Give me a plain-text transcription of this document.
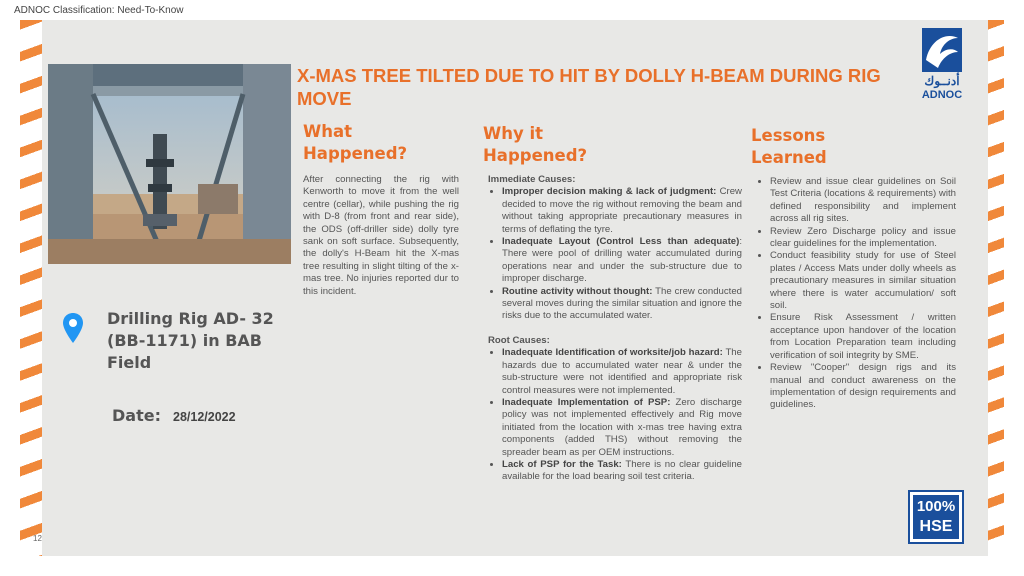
ADNOC Classification: Need-To-Know
X-MAS TREE TILTED DUE TO HIT BY DOLLY H-BEAM DURING RIG MOVE
أدنــوك
ADNOC
What
Happened?
After connecting the rig with Kenworth to move it from the well centre (cellar), while pushing the rig with D-8 (from front and rear side), the ODS (off-driller side) dolly tyre sank on soft surface. Subsequently, the dolly's H-Beam hit the X-mas tree resulting in slight tilting of the x-mas tree. No injuries reported dur to this incident.
Why it
Happened?
Immediate Causes:
• Improper decision making & lack of judgment: Crew decided to move the rig without removing the beam and without taking appropriate precautionary measures in terms of deflating the tyre.
• Inadequate Layout (Control Less than adequate): There were pool of drilling water accumulated during operations near and under the sub-structure due to improper discharge.
• Routine activity without thought: The crew conducted several moves during the similar situation and ignore the risks due to the accumulated water.
Root Causes:
• Inadequate Identification of worksite/job hazard: The hazards due to accumulated water near & under the sub-structure were not identified and appropriate risk control measures were not implemented.
• Inadequate Implementation of PSP: Zero discharge policy was not implemented effectively and Rig move initiated from the location with x-mas tree having extra components (added THS) without removing the spreader beam as per OEM instructions.
• Lack of PSP for the Task: There is no clear guideline available for the load bearing soil test criteria.
Lessons
Learned
• Review and issue clear guidelines on Soil Test Criteria (locations & requirements) with defined responsibility and implement across all rig sites.
• Review Zero Discharge policy and issue clear guidelines for the implementation.
• Conduct feasibility study for use of Steel plates / Access Mats under dolly wheels as precautionary measures in similar situation where there is water accumulation/ soft soil.
• Ensure Risk Assessment / written acceptance upon handover of the location from Location Preparation team including verification of soil integrity by SME.
• Review "Cooper" design rigs and its manual and conduct awareness on the implementation of design requirements and guidelines.
Drilling Rig AD- 32 (BB-1171) in BAB Field
Date: 28/12/2022
12
100%
HSE
